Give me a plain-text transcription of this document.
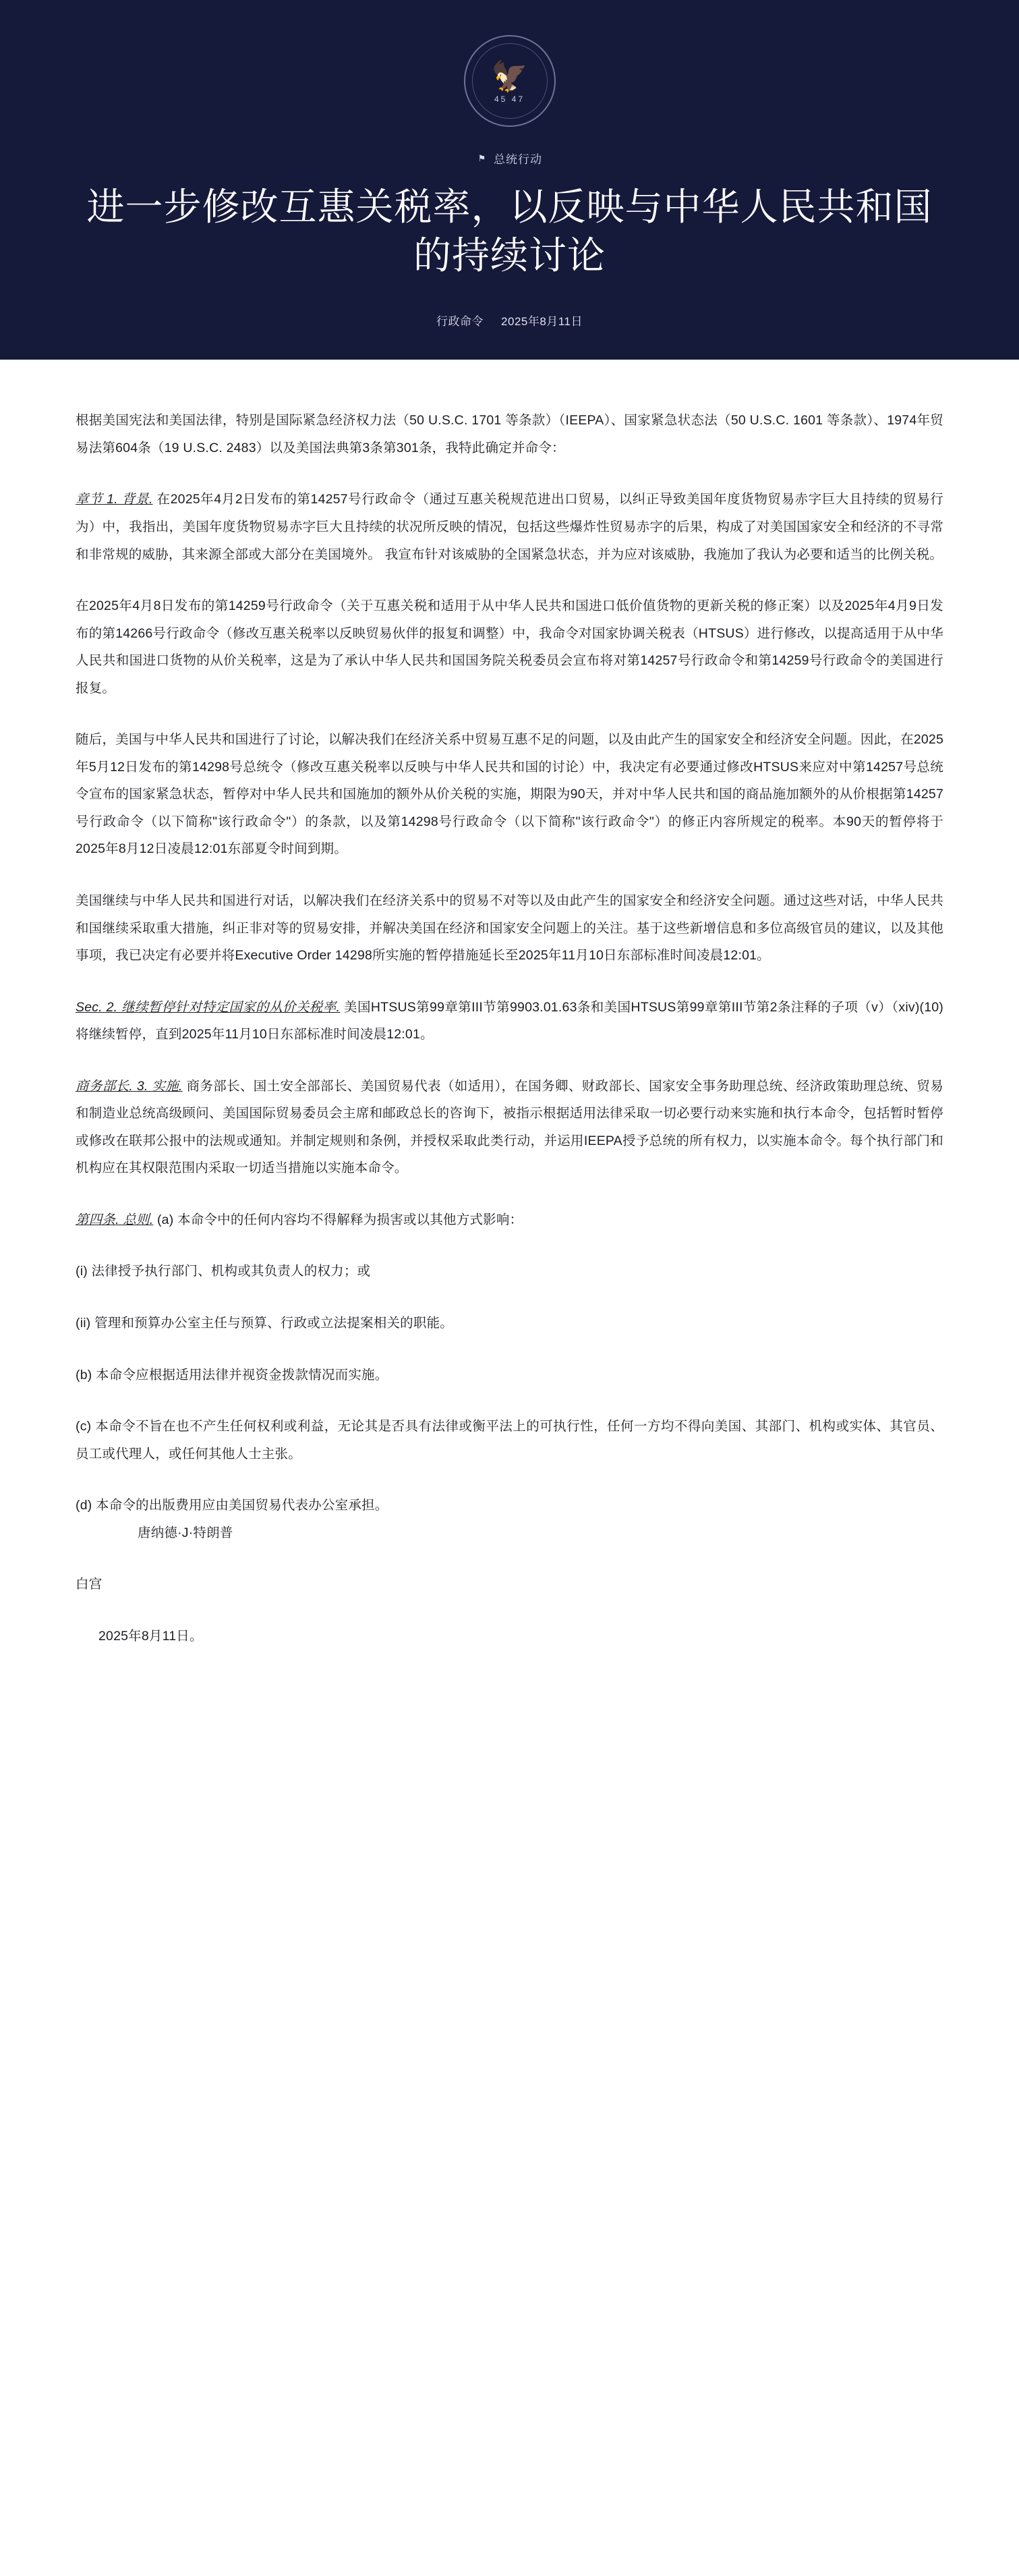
🦅
45 47
⚑ 总统行动
进一步修改互惠关税率，以反映与中华人民共和国的持续讨论
行政命令 2025年8月11日

根据美国宪法和美国法律，特别是国际紧急经济权力法（50 U.S.C. 1701 等条款）（IEEPA）、国家紧急状态法（50 U.S.C. 1601 等条款）、1974年贸易法第604条（19 U.S.C. 2483）以及美国法典第3条第301条，我特此确定并命令：

章节 1. 背景. 在2025年4月2日发布的第14257号行政命令（通过互惠关税规范进出口贸易，以纠正导致美国年度货物贸易赤字巨大且持续的贸易行为）中，我指出，美国年度货物贸易赤字巨大且持续的状况所反映的情况，包括这些爆炸性贸易赤字的后果，构成了对美国国家安全和经济的不寻常和非常规的威胁，其来源全部或大部分在美国境外。 我宣布针对该威胁的全国紧急状态，并为应对该威胁，我施加了我认为必要和适当的比例关税。

在2025年4月8日发布的第14259号行政命令（关于互惠关税和适用于从中华人民共和国进口低价值货物的更新关税的修正案）以及2025年4月9日发布的第14266号行政命令（修改互惠关税率以反映贸易伙伴的报复和调整）中，我命令对国家协调关税表（HTSUS）进行修改，以提高适用于从中华人民共和国进口货物的从价关税率，这是为了承认中华人民共和国国务院关税委员会宣布将对第14257号行政命令和第14259号行政命令的美国进行报复。

随后，美国与中华人民共和国进行了讨论，以解决我们在经济关系中贸易互惠不足的问题，以及由此产生的国家安全和经济安全问题。因此，在2025年5月12日发布的第14298号总统令（修改互惠关税率以反映与中华人民共和国的讨论）中，我决定有必要通过修改HTSUS来应对中第14257号总统令宣布的国家紧急状态，暂停对中华人民共和国施加的额外从价关税的实施，期限为90天，并对中华人民共和国的商品施加额外的从价根据第14257号行政命令（以下简称"该行政命令"）的条款，以及第14298号行政命令（以下简称"该行政命令"）的修正内容所规定的税率。本90天的暂停将于2025年8月12日凌晨12:01东部夏令时间到期。

美国继续与中华人民共和国进行对话，以解决我们在经济关系中的贸易不对等以及由此产生的国家安全和经济安全问题。通过这些对话，中华人民共和国继续采取重大措施，纠正非对等的贸易安排，并解决美国在经济和国家安全问题上的关注。基于这些新增信息和多位高级官员的建议，以及其他事项，我已决定有必要并将Executive Order 14298所实施的暂停措施延长至2025年11月10日东部标准时间凌晨12:01。

Sec. 2. 继续暂停针对特定国家的从价关税率. 美国HTSUS第99章第III节第9903.01.63条和美国HTSUS第99章第III节第2条注释的子项（v）（xiv)(10)将继续暂停，直到2025年11月10日东部标准时间凌晨12:01。

商务部长. 3. 实施. 商务部长、国土安全部部长、美国贸易代表（如适用），在国务卿、财政部长、国家安全事务助理总统、经济政策助理总统、贸易和制造业总统高级顾问、美国国际贸易委员会主席和邮政总长的咨询下，被指示根据适用法律采取一切必要行动来实施和执行本命令，包括暂时暂停或修改在联邦公报中的法规或通知。并制定规则和条例，并授权采取此类行动，并运用IEEPA授予总统的所有权力，以实施本命令。每个执行部门和机构应在其权限范围内采取一切适当措施以实施本命令。

第四条. 总则. (a) 本命令中的任何内容均不得解释为损害或以其他方式影响：

(i) 法律授予执行部门、机构或其负责人的权力；或

(ii) 管理和预算办公室主任与预算、行政或立法提案相关的职能。

(b) 本命令应根据适用法律并视资金拨款情况而实施。

(c) 本命令不旨在也不产生任何权利或利益，无论其是否具有法律或衡平法上的可执行性，任何一方均不得向美国、其部门、机构或实体、其官员、员工或代理人，或任何其他人士主张。

(d) 本命令的出版费用应由美国贸易代表办公室承担。

唐纳德·J·特朗普

白宫

2025年8月11日。
